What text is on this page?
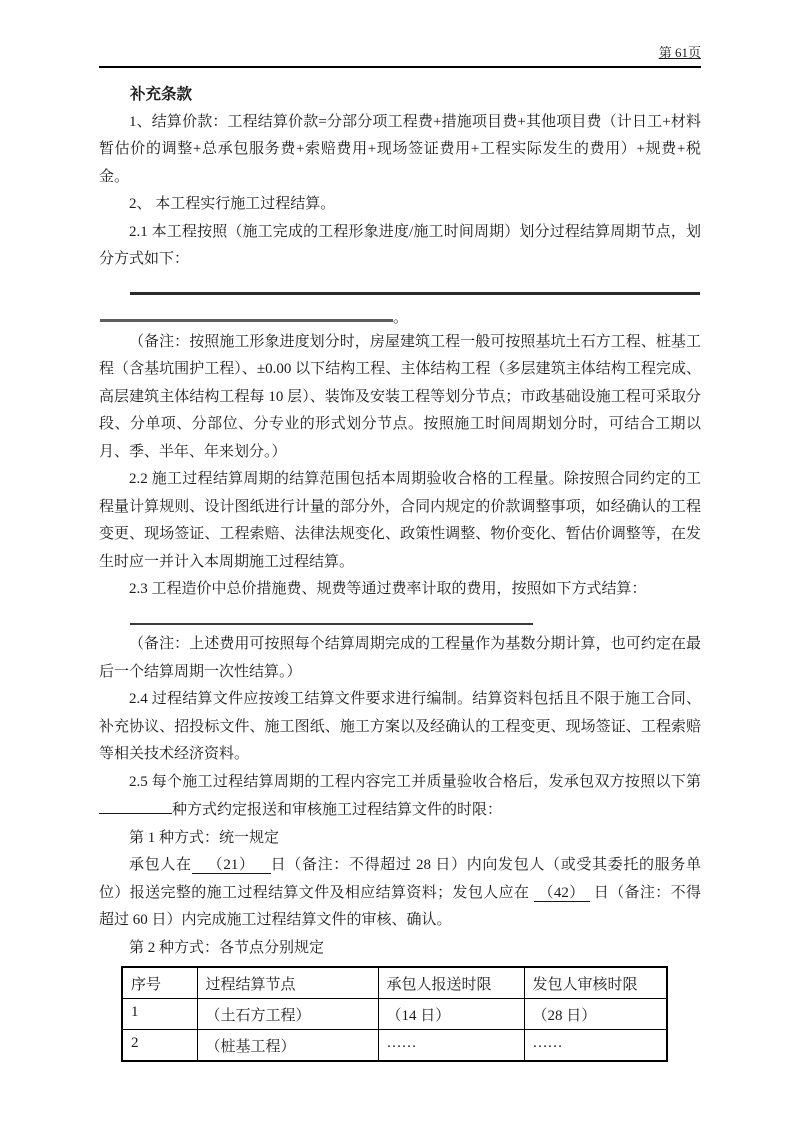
第 61页
补充条款

1、结算价款：工程结算价款=分部分项工程费+措施项目费+其他项目费（计日工+材料暂估价的调整+总承包服务费+索赔费用+现场签证费用+工程实际发生的费用）+规费+税金。

2、 本工程实行施工过程结算。

2.1 本工程按照（施工完成的工程形象进度/施工时间周期）划分过程结算周期节点，划分方式如下：

。

（备注：按照施工形象进度划分时，房屋建筑工程一般可按照基坑土石方工程、桩基工程（含基坑围护工程）、±0.00 以下结构工程、主体结构工程（多层建筑主体结构工程完成、高层建筑主体结构工程每 10 层）、装饰及安装工程等划分节点；市政基础设施工程可采取分段、分单项、分部位、分专业的形式划分节点。按照施工时间周期划分时，可结合工期以月、季、半年、年来划分。）

2.2 施工过程结算周期的结算范围包括本周期验收合格的工程量。除按照合同约定的工程量计算规则、设计图纸进行计量的部分外，合同内规定的价款调整事项，如经确认的工程变更、现场签证、工程索赔、法律法规变化、政策性调整、物价变化、暂估价调整等，在发生时应一并计入本周期施工过程结算。

2.3 工程造价中总价措施费、规费等通过费率计取的费用，按照如下方式结算：

（备注：上述费用可按照每个结算周期完成的工程量作为基数分期计算，也可约定在最后一个结算周期一次性结算。）

2.4 过程结算文件应按竣工结算文件要求进行编制。结算资料包括且不限于施工合同、补充协议、招投标文件、施工图纸、施工方案以及经确认的工程变更、现场签证、工程索赔等相关技术经济资料。

2.5 每个施工过程结算周期的工程内容完工并质量验收合格后，发承包双方按照以下第种方式约定报送和审核施工过程结算文件的时限：

第 1 种方式：统一规定

承包人在 （21） 日（备注：不得超过 28 日）内向发包人（或受其委托的服务单位）报送完整的施工过程结算文件及相应结算资料；发包人应在 （42） 日（备注：不得超过 60 日）内完成施工过程结算文件的审核、确认。

第 2 种方式：各节点分别规定

序号	过程结算节点	承包人报送时限	发包人审核时限
1	（土石方工程）	（14 日）	（28 日）
2	（桩基工程）	……	……
